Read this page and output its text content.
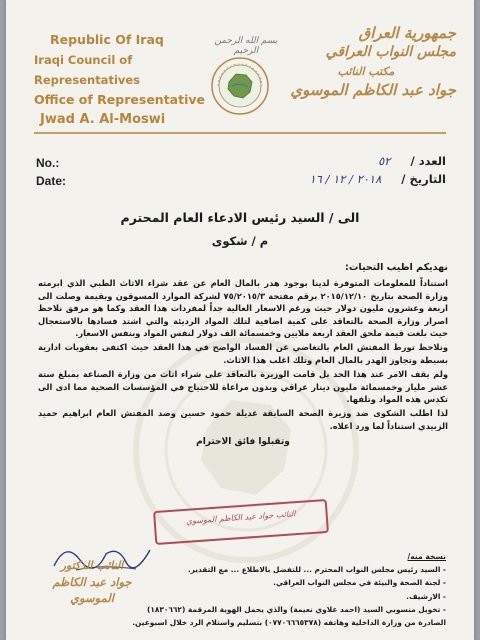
Republic Of Iraq
Iraqi Council of Representatives
Office of Representative
Jwad A. Al-Moswi
بسم الله الرحمن الرحيم
جمهورية العراق
مجلس النواب العراقي
مكتب النائب
جواد عبد الكاظم الموسوي
No.:
Date:
العدد / ٥٢
التاريخ / ٢٠١٨ / ١٢ / ١٦
الى / السيد رئيس الادعاء العام المحترم
م / شكوى

نهديكم اطيب التحيات:

استناداً للمعلومات المتوفرة لدينا بوجود هدر بالمال العام عن عقد شراء الاثاث الطبي الذي ابرمته وزارة الصحة بتاريخ ٢٠١٥/١٢/١٠ برقم مفتحة ٧٥/٢٠١٥/٣ لشركة الموارد المسوقون وبقيمة وصلت الى اربعة وعشرون مليون دولار حيث ورغم الاسعار العالية جداً لمفردات هذا العقد وكما هو مرفق نلاحظ اصرار وزارة الصحة بالتعاقد على كمية اضافية لتلك المواد الرديئة والتي اشتد فسادها بالاستعجال حيث بلغت قيمة ملحق العقد اربعة ملايين وخمسمائة الف دولار لنفس المواد وبنفس الاسعار.

ونلاحظ تورط المفتش العام بالتغاضي عن الفساد الواضح في هذا العقد حيث اكتفى بعقوبات ادارية بسيطة وتجاوز الهدر بالمال العام وتلك اغلب هذا الاثاث.

ولم يقف الامر عند هذا الحد بل قامت الوزيرة بالتعاقد على شراء اثاث من وزارة الصناعة بمبلغ ستة عشر مليار وخمسمائة مليون دينار عراقي وبدون مراعاة للاحتياج في المؤسسات الصحية مما ادى الى تكدس هذه المواد وتلفها.

لذا اطلب الشكوى ضد وزيرة الصحة السابقة عديلة حمود حسين وضد المفتش العام ابراهيم حميد الزبيدي استناداً لما ورد اعلاه.

وتقبلوا فائق الاحترام

النائب جواد عبد الكاظم الموسوي
النائب الدكتور
جواد عبد الكاظم الموسوي
نسخة منه/
- السيد رئيس مجلس النواب المحترم ... للتفضل بالاطلاع ... مع التقدير.
- لجنة الصحة والبيئة في مجلس النواب العراقي.
- الارشيف.
- تخويل منسوبي السيد (احمد علاوي نعيمة) والذي يحمل الهوية المرقمة (١٨٣٠٦٦٢)
الصادرة من وزارة الداخلية وهاتفه (٠٧٧٠٦٦٦٥٣٧٨) بتسليم واستلام الرد خلال اسبوعين.
